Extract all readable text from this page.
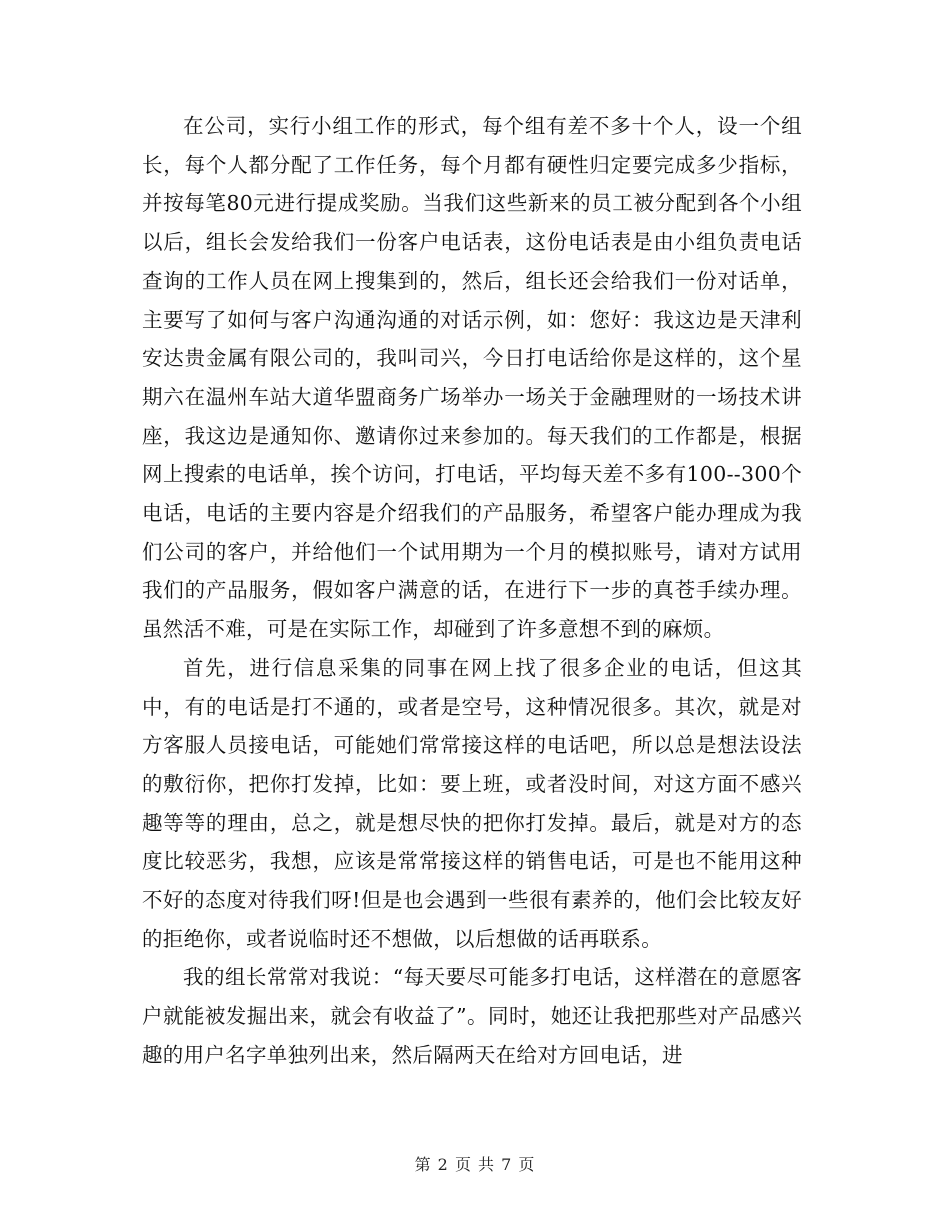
在公司，实行小组工作的形式，每个组有差不多十个人，设一个组长，每个人都分配了工作任务，每个月都有硬性归定要完成多少指标，并按每笔80元进行提成奖励。当我们这些新来的员工被分配到各个小组以后，组长会发给我们一份客户电话表，这份电话表是由小组负责电话查询的工作人员在网上搜集到的，然后，组长还会给我们一份对话单，主要写了如何与客户沟通沟通的对话示例，如：您好：我这边是天津利安达贵金属有限公司的，我叫司兴，今日打电话给你是这样的，这个星期六在温州车站大道华盟商务广场举办一场关于金融理财的一场技术讲座，我这边是通知你、邀请你过来参加的。每天我们的工作都是，根据网上搜索的电话单，挨个访问，打电话，平均每天差不多有100--300个电话，电话的主要内容是介绍我们的产品服务，希望客户能办理成为我们公司的客户，并给他们一个试用期为一个月的模拟账号，请对方试用我们的产品服务，假如客户满意的话，在进行下一步的真苍手续办理。虽然活不难，可是在实际工作，却碰到了许多意想不到的麻烦。

首先，进行信息采集的同事在网上找了很多企业的电话，但这其中，有的电话是打不通的，或者是空号，这种情况很多。其次，就是对方客服人员接电话，可能她们常常接这样的电话吧，所以总是想法设法的敷衍你，把你打发掉，比如：要上班，或者没时间，对这方面不感兴趣等等的理由，总之，就是想尽快的把你打发掉。最后，就是对方的态度比较恶劣，我想，应该是常常接这样的销售电话，可是也不能用这种不好的态度对待我们呀!但是也会遇到一些很有素养的，他们会比较友好的拒绝你，或者说临时还不想做，以后想做的话再联系。

我的组长常常对我说：“每天要尽可能多打电话，这样潜在的意愿客户就能被发掘出来，就会有收益了”。同时，她还让我把那些对产品感兴趣的用户名字单独列出来，然后隔两天在给对方回电话，进

第 2 页 共 7 页
